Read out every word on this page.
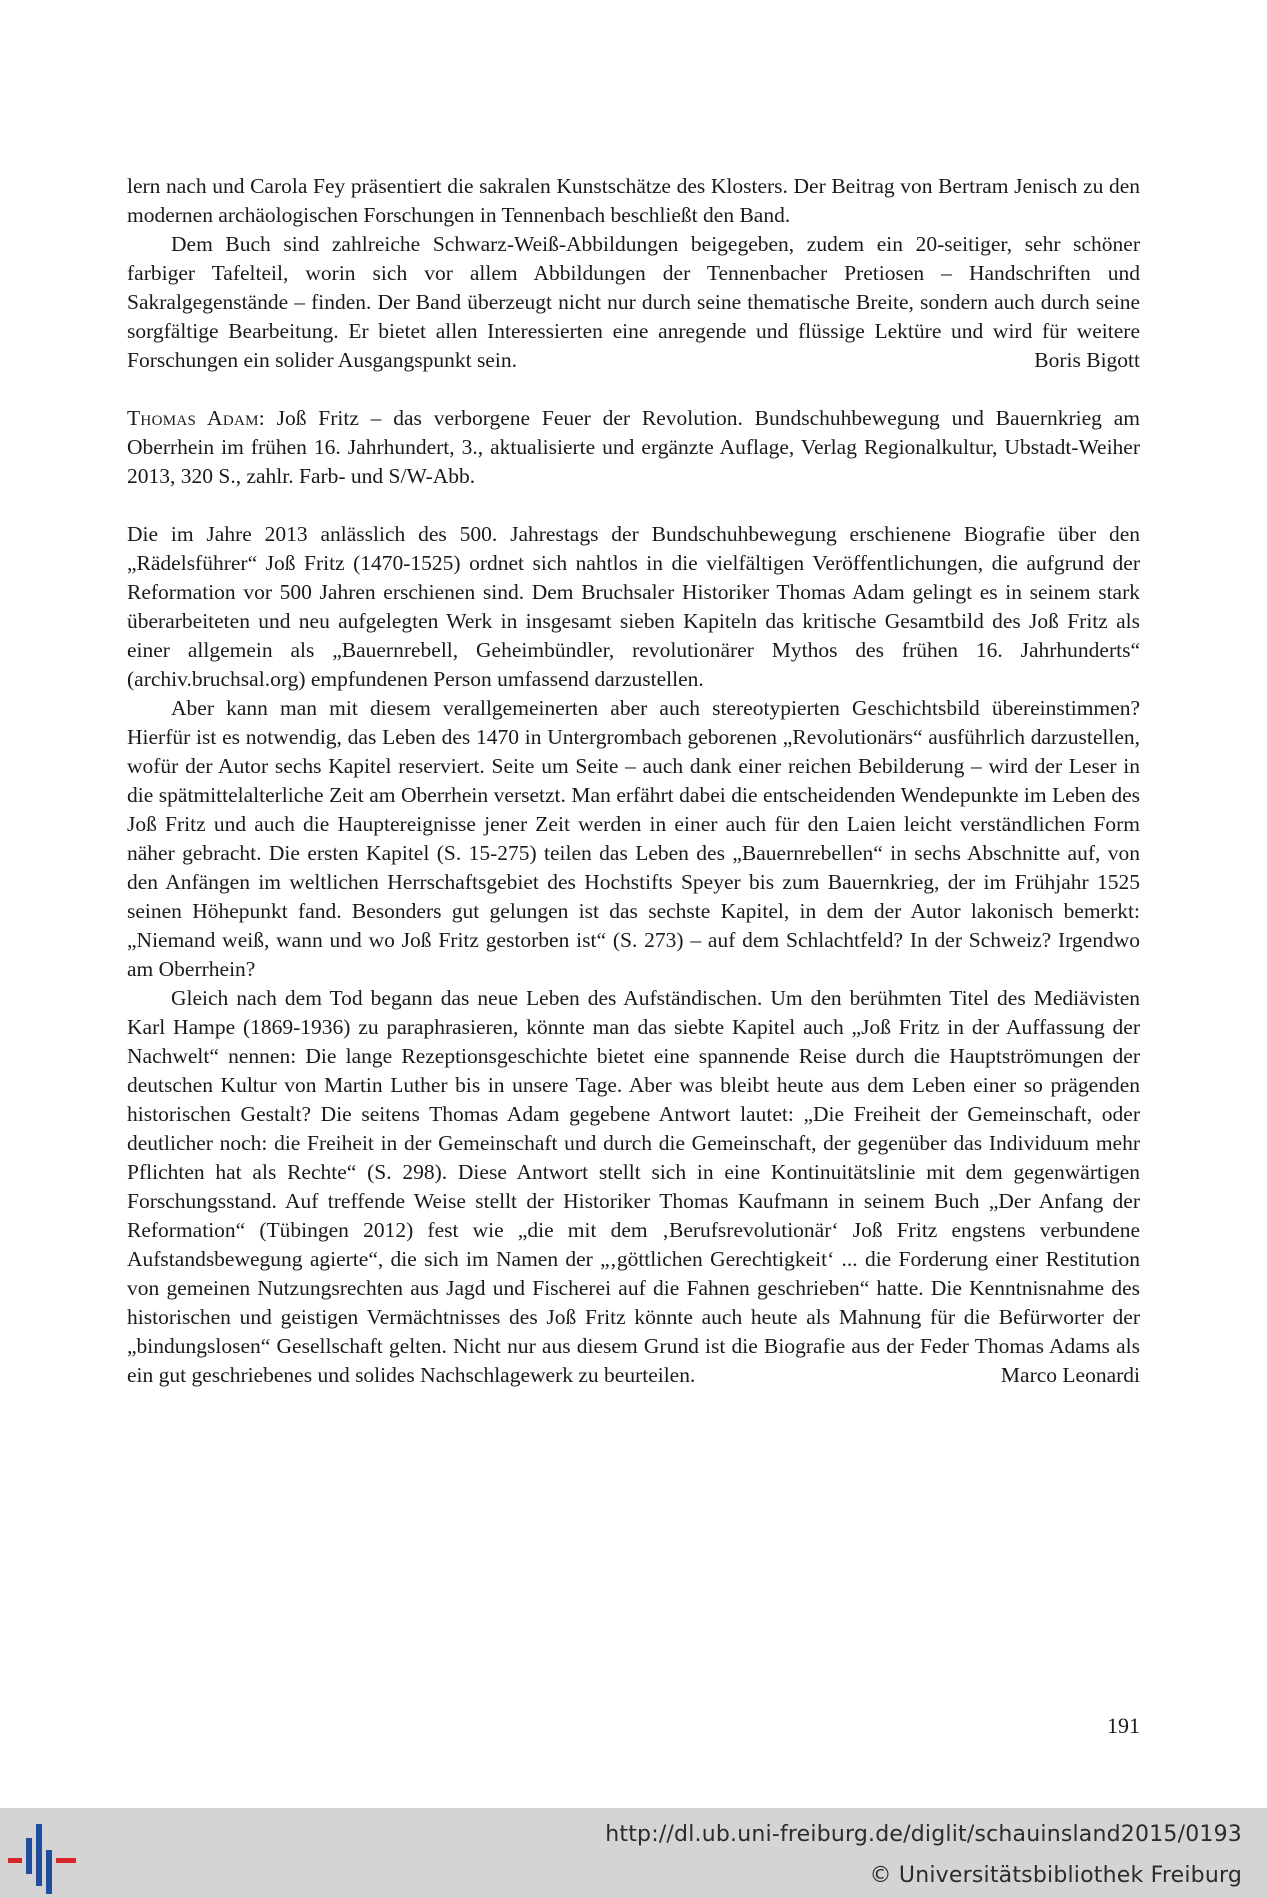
lern nach und Carola Fey präsentiert die sakralen Kunstschätze des Klosters. Der Beitrag von Bertram Jenisch zu den modernen archäologischen Forschungen in Tennenbach beschließt den Band.

Dem Buch sind zahlreiche Schwarz-Weiß-Abbildungen beigegeben, zudem ein 20-seitiger, sehr schöner farbiger Tafelteil, worin sich vor allem Abbildungen der Tennenbacher Pretiosen – Handschriften und Sakralgegenstände – finden. Der Band überzeugt nicht nur durch seine thematische Breite, sondern auch durch seine sorgfältige Bearbeitung. Er bietet allen Interessierten eine anregende und flüssige Lektüre und wird für weitere Forschungen ein solider Ausgangspunkt sein.	Boris Bigott

Thomas Adam: Joß Fritz – das verborgene Feuer der Revolution. Bundschuhbewegung und Bauernkrieg am Oberrhein im frühen 16. Jahrhundert, 3., aktualisierte und ergänzte Auflage, Verlag Regionalkultur, Ubstadt-Weiher 2013, 320 S., zahlr. Farb- und S/W-Abb.

Die im Jahre 2013 anlässlich des 500. Jahrestags der Bundschuhbewegung erschienene Biografie über den „Rädelsführer“ Joß Fritz (1470-1525) ordnet sich nahtlos in die vielfältigen Veröffentlichungen, die aufgrund der Reformation vor 500 Jahren erschienen sind. Dem Bruchsaler Historiker Thomas Adam gelingt es in seinem stark überarbeiteten und neu aufgelegten Werk in insgesamt sieben Kapiteln das kritische Gesamtbild des Joß Fritz als einer allgemein als „Bauernrebell, Geheimbündler, revolutionärer Mythos des frühen 16. Jahrhunderts“ (archiv.bruchsal.org) empfundenen Person umfassend darzustellen.

Aber kann man mit diesem verallgemeinerten aber auch stereotypierten Geschichtsbild übereinstimmen? Hierfür ist es notwendig, das Leben des 1470 in Untergrombach geborenen „Revolutionärs“ ausführlich darzustellen, wofür der Autor sechs Kapitel reserviert. Seite um Seite – auch dank einer reichen Bebilderung – wird der Leser in die spätmittelalterliche Zeit am Oberrhein versetzt. Man erfährt dabei die entscheidenden Wendepunkte im Leben des Joß Fritz und auch die Hauptereignisse jener Zeit werden in einer auch für den Laien leicht verständlichen Form näher gebracht. Die ersten Kapitel (S. 15-275) teilen das Leben des „Bauernrebellen“ in sechs Abschnitte auf, von den Anfängen im weltlichen Herrschaftsgebiet des Hochstifts Speyer bis zum Bauernkrieg, der im Frühjahr 1525 seinen Höhepunkt fand. Besonders gut gelungen ist das sechste Kapitel, in dem der Autor lakonisch bemerkt: „Niemand weiß, wann und wo Joß Fritz gestorben ist“ (S. 273) – auf dem Schlachtfeld? In der Schweiz? Irgendwo am Oberrhein?

Gleich nach dem Tod begann das neue Leben des Aufständischen. Um den berühmten Titel des Mediävisten Karl Hampe (1869-1936) zu paraphrasieren, könnte man das siebte Kapitel auch „Joß Fritz in der Auffassung der Nachwelt“ nennen: Die lange Rezeptionsgeschichte bietet eine spannende Reise durch die Hauptströmungen der deutschen Kultur von Martin Luther bis in unsere Tage. Aber was bleibt heute aus dem Leben einer so prägenden historischen Gestalt? Die seitens Thomas Adam gegebene Antwort lautet: „Die Freiheit der Gemeinschaft, oder deutlicher noch: die Freiheit in der Gemeinschaft und durch die Gemeinschaft, der gegenüber das Individuum mehr Pflichten hat als Rechte“ (S. 298). Diese Antwort stellt sich in eine Kontinuitätslinie mit dem gegenwärtigen Forschungsstand. Auf treffende Weise stellt der Historiker Thomas Kaufmann in seinem Buch „Der Anfang der Reformation“ (Tübingen 2012) fest wie „die mit dem ‚Berufsrevolutionär‘ Joß Fritz engstens verbundene Aufstandsbewegung agierte“, die sich im Namen der „‚göttlichen Gerechtigkeit‘ ... die Forderung einer Restitution von gemeinen Nutzungsrechten aus Jagd und Fischerei auf die Fahnen geschrieben“ hatte. Die Kenntnisnahme des historischen und geistigen Vermächtnisses des Joß Fritz könnte auch heute als Mahnung für die Befürworter der „bindungslosen“ Gesellschaft gelten. Nicht nur aus diesem Grund ist die Biografie aus der Feder Thomas Adams als ein gut geschriebenes und solides Nachschlagewerk zu beurteilen.	Marco Leonardi

191
http://dl.ub.uni-freiburg.de/diglit/schauinsland2015/0193
© Universitätsbibliothek Freiburg
